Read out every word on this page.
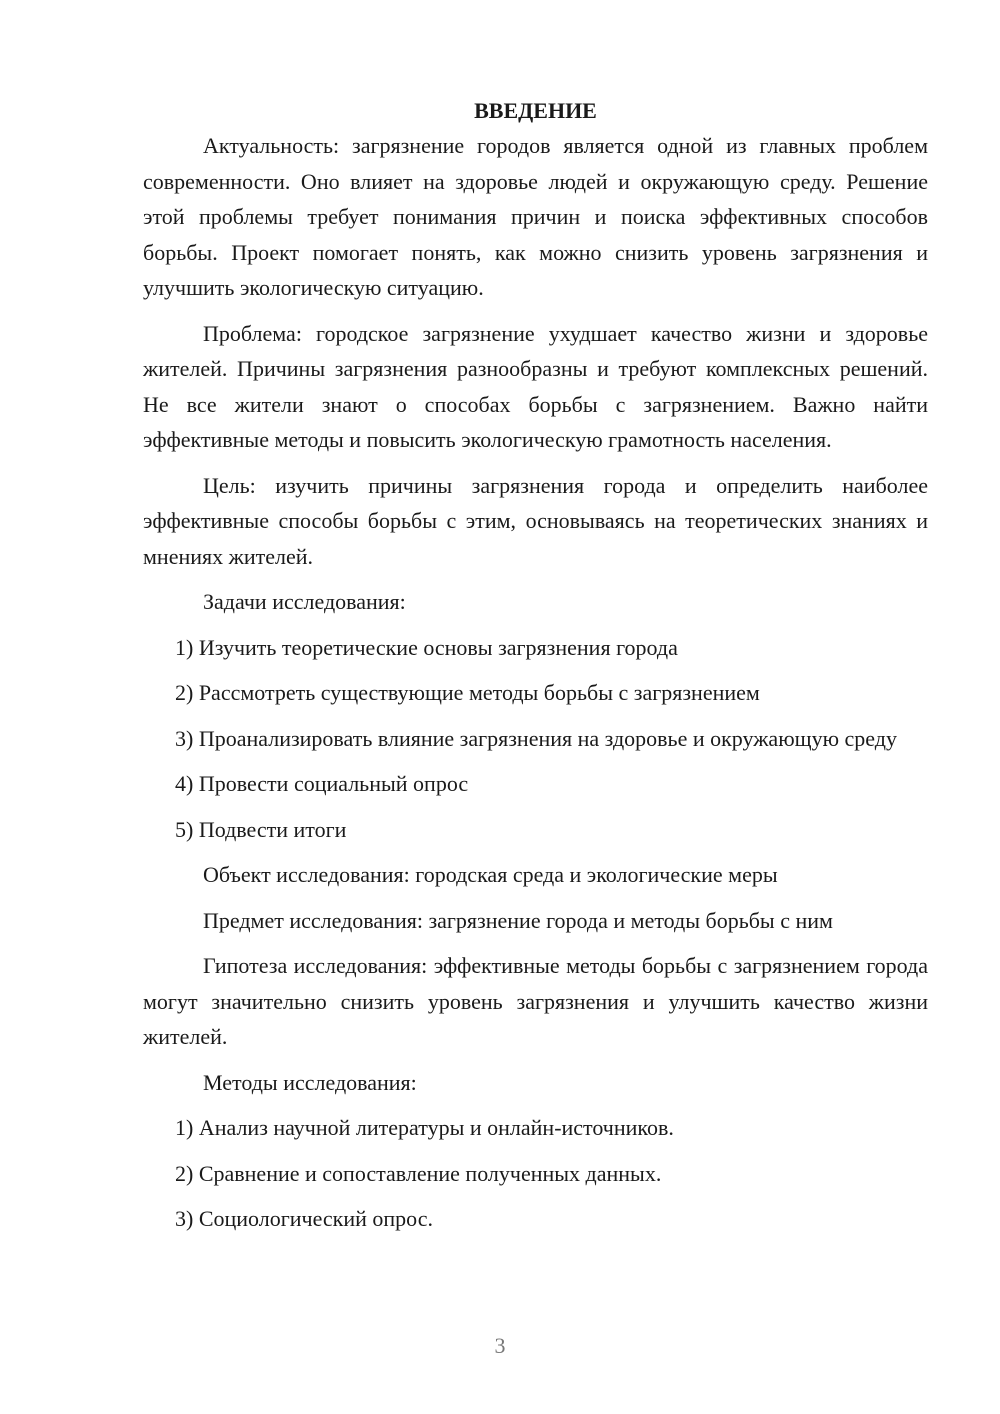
ВВЕДЕНИЕ

Актуальность: загрязнение городов является одной из главных проблем современности. Оно влияет на здоровье людей и окружающую среду. Решение этой проблемы требует понимания причин и поиска эффективных способов борьбы. Проект помогает понять, как можно снизить уровень загрязнения и улучшить экологическую ситуацию.

Проблема: городское загрязнение ухудшает качество жизни и здоровье жителей. Причины загрязнения разнообразны и требуют комплексных решений. Не все жители знают о способах борьбы с загрязнением. Важно найти эффективные методы и повысить экологическую грамотность населения.

Цель: изучить причины загрязнения города и определить наиболее эффективные способы борьбы с этим, основываясь на теоретических знаниях и мнениях жителей.

Задачи исследования:

1) Изучить теоретические основы загрязнения города

2) Рассмотреть существующие методы борьбы с загрязнением

3) Проанализировать влияние загрязнения на здоровье и окружающую среду

4) Провести социальный опрос

5) Подвести итоги

Объект исследования: городская среда и экологические меры

Предмет исследования: загрязнение города и методы борьбы с ним

Гипотеза исследования: эффективные методы борьбы с загрязнением города могут значительно снизить уровень загрязнения и улучшить качество жизни жителей.

Методы исследования:

1) Анализ научной литературы и онлайн-источников.

2) Сравнение и сопоставление полученных данных.

3) Социологический опрос.

3
